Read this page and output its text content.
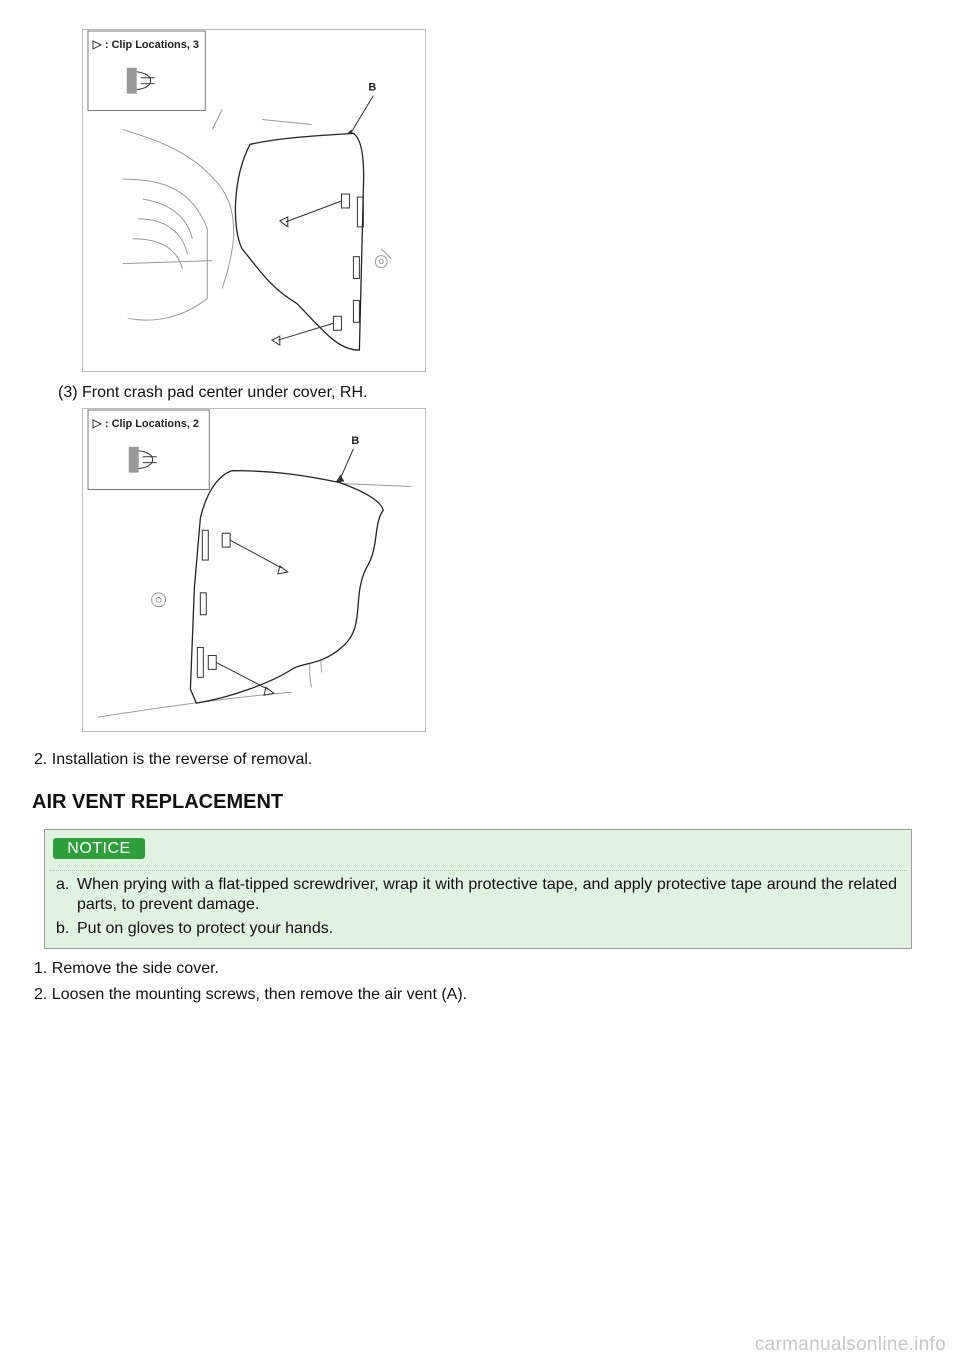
: Clip Locations, 3
B

(3) Front crash pad center under cover, RH.

: Clip Locations, 2
B

2. Installation is the reverse of removal.

AIR VENT REPLACEMENT
NOTICE

a. When prying with a flat-tipped screwdriver, wrap it with protective tape, and apply protective tape around the related parts, to prevent damage.

b. Put on gloves to protect your hands.

1. Remove the side cover.

2. Loosen the mounting screws, then remove the air vent (A).

carmanualsonline.info
